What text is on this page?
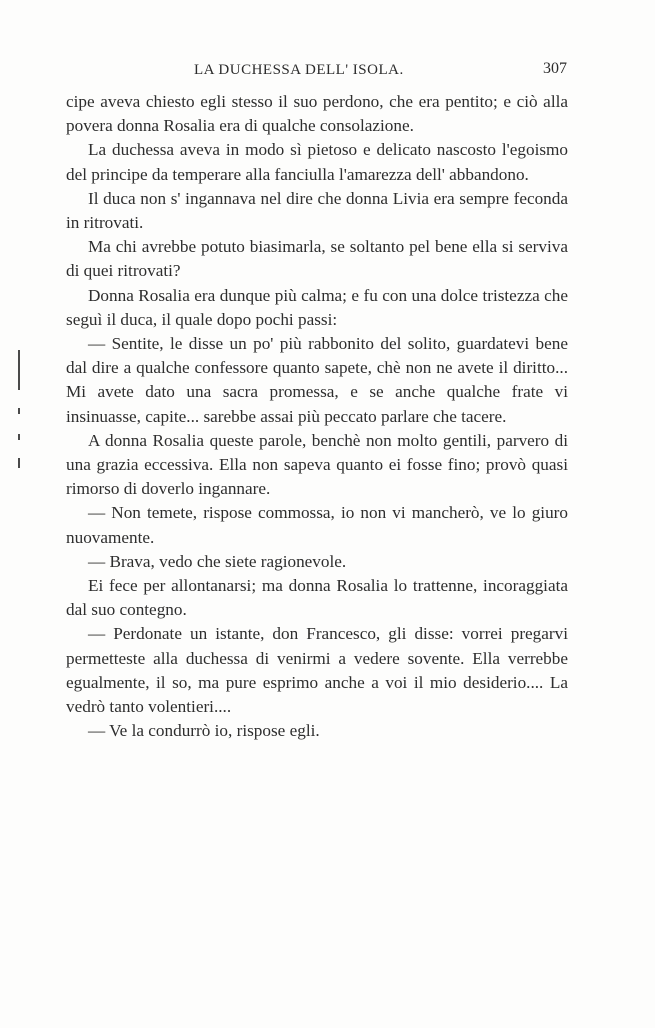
LA DUCHESSA DELL' ISOLA.	307

cipe aveva chiesto egli stesso il suo perdono, che era pentito; e ciò alla povera donna Rosalia era di qualche consolazione.

La duchessa aveva in modo sì pietoso e delicato nascosto l'egoismo del principe da temperare alla fanciulla l'amarezza dell' abbandono.

Il duca non s' ingannava nel dire che donna Livia era sempre feconda in ritrovati.

Ma chi avrebbe potuto biasimarla, se soltanto pel bene ella si serviva di quei ritrovati?

Donna Rosalia era dunque più calma; e fu con una dolce tristezza che seguì il duca, il quale dopo pochi passi:

— Sentite, le disse un po' più rabbonito del solito, guardatevi bene dal dire a qualche confessore quanto sapete, chè non ne avete il diritto... Mi avete dato una sacra promessa, e se anche qualche frate vi insinuasse, capite... sarebbe assai più peccato parlare che tacere.

A donna Rosalia queste parole, benchè non molto gentili, parvero di una grazia eccessiva. Ella non sapeva quanto ei fosse fino; provò quasi rimorso di doverlo ingannare.

— Non temete, rispose commossa, io non vi mancherò, ve lo giuro nuovamente.

— Brava, vedo che siete ragionevole.

Ei fece per allontanarsi; ma donna Rosalia lo trattenne, incoraggiata dal suo contegno.

— Perdonate un istante, don Francesco, gli disse: vorrei pregarvi permetteste alla duchessa di venirmi a vedere sovente. Ella verrebbe egualmente, il so, ma pure esprimo anche a voi il mio desiderio.... La vedrò tanto volentieri....

— Ve la condurrò io, rispose egli.
